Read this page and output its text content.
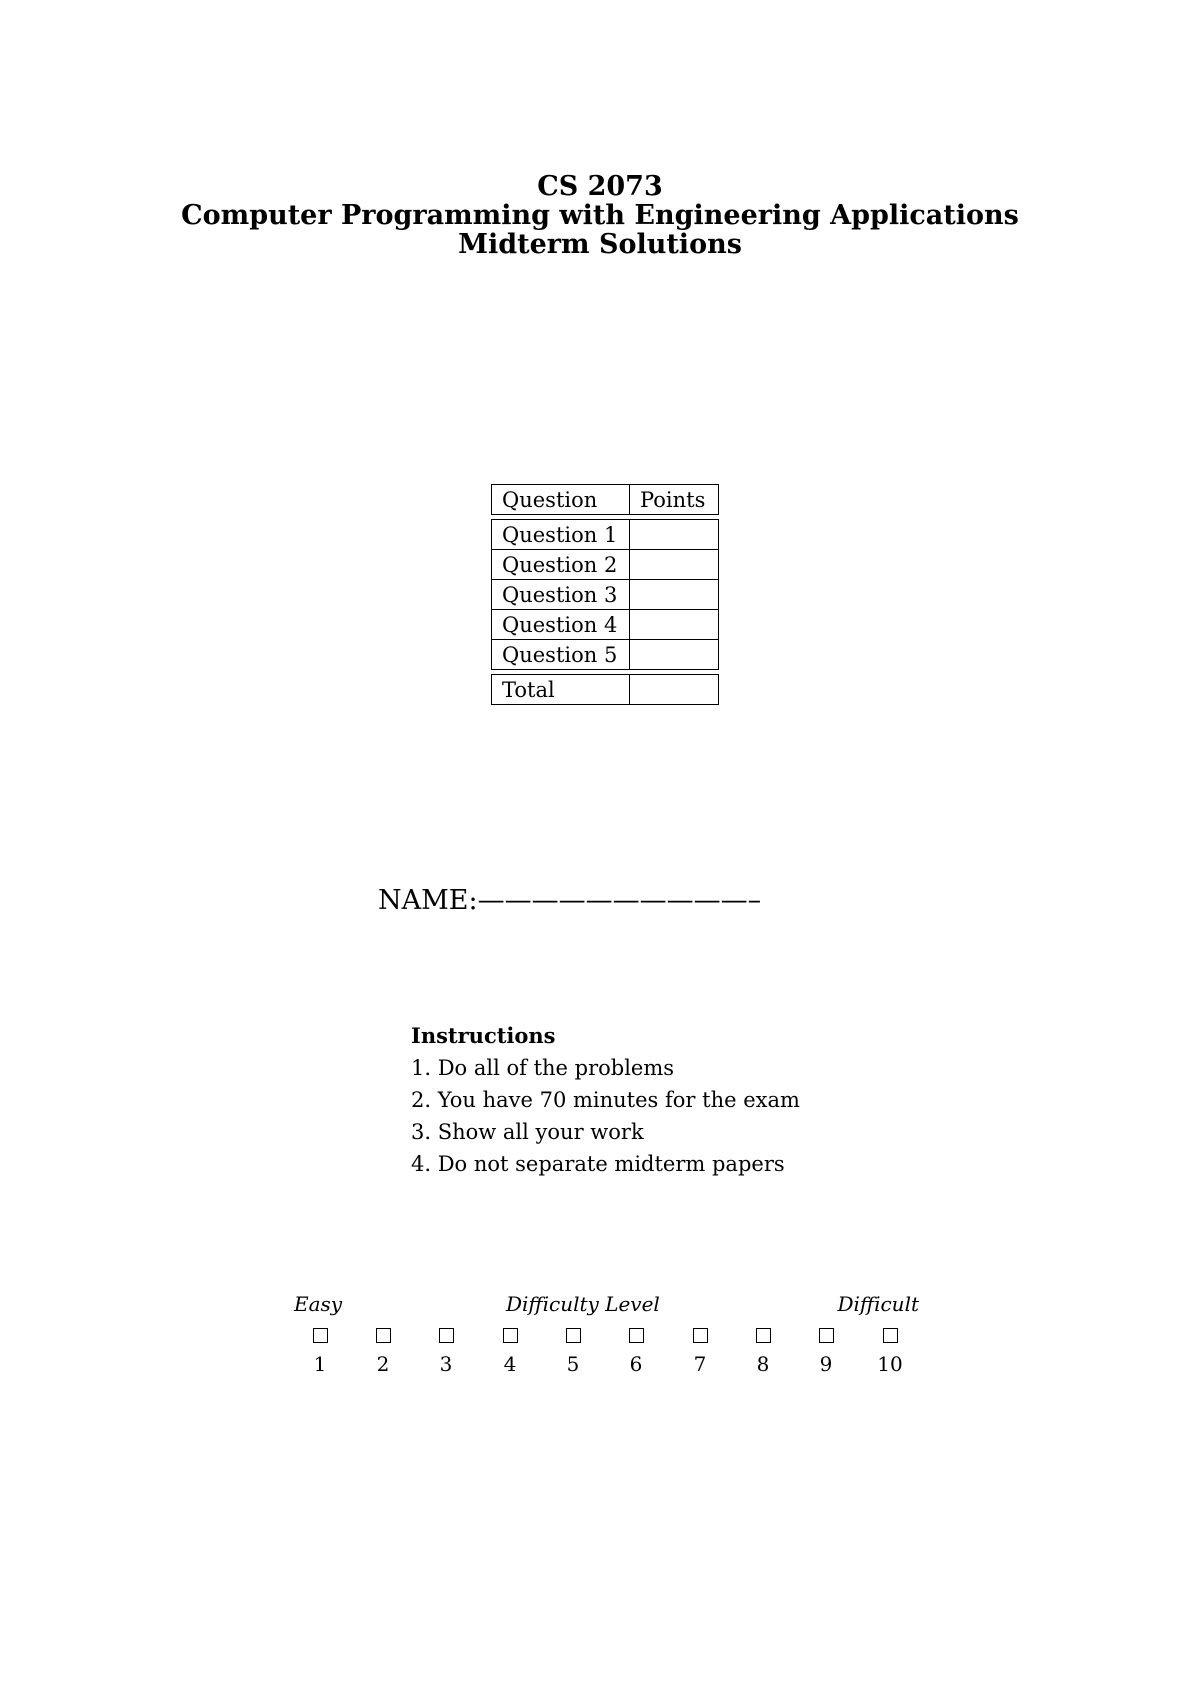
CS 2073
Computer Programming with Engineering Applications
Midterm Solutions
Question	Points

Question 1	
Question 2	
Question 3	
Question 4	
Question 5	

Total	
NAME:——————————–
Instructions
1. Do all of the problems
2. You have 70 minutes for the exam
3. Show all your work
4. Do not separate midterm papers
Easy	Difficulty Level	Difficult
1	2	3	4	5	6	7	8	9	10
